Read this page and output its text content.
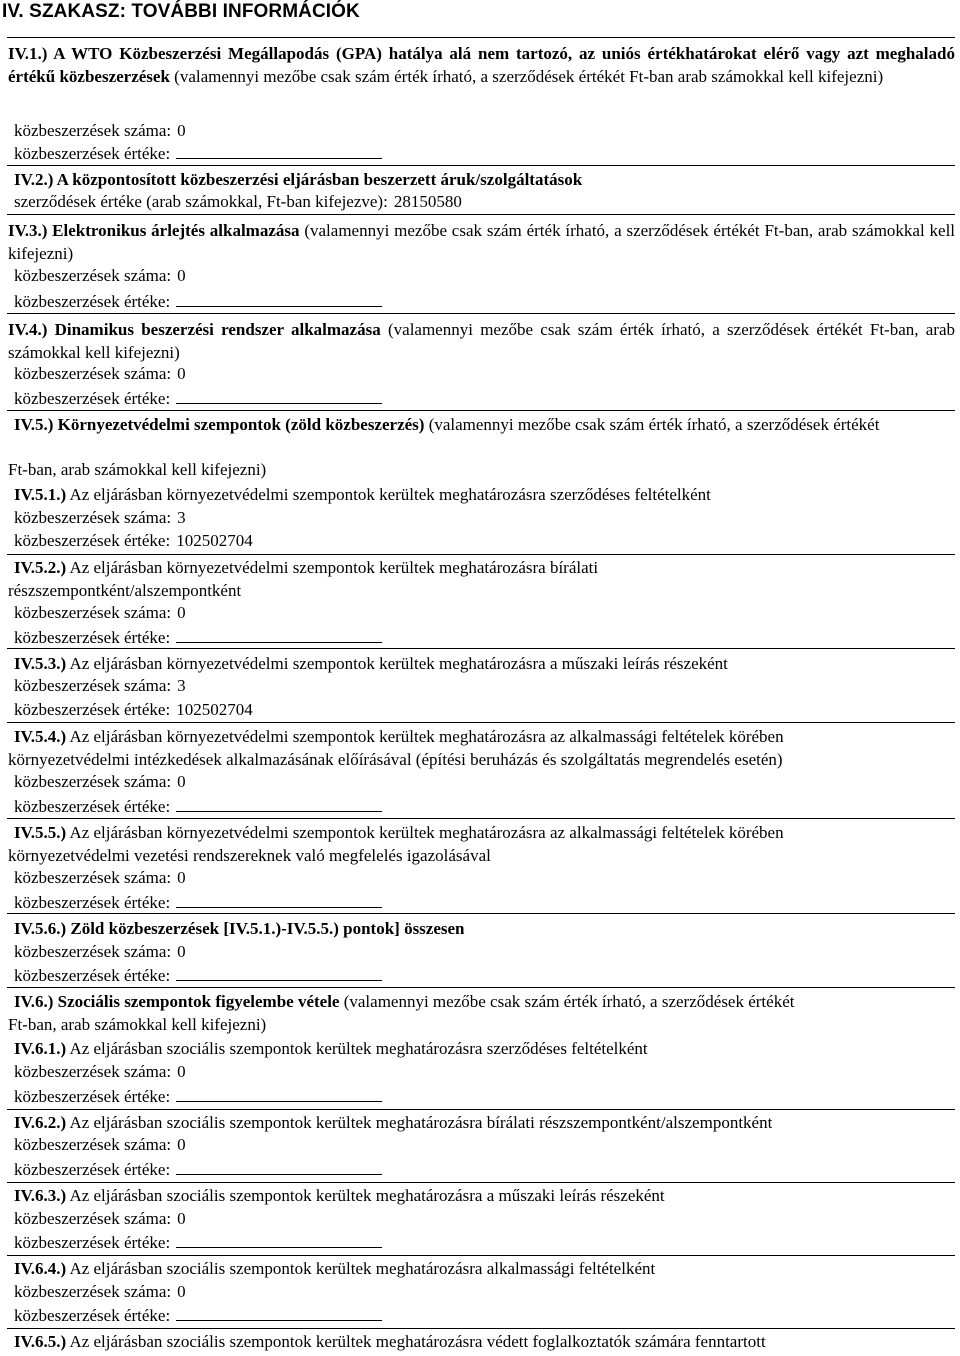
IV. SZAKASZ: TOVÁBBI INFORMÁCIÓK
IV.1.) A WTO Közbeszerzési Megállapodás (GPA) hatálya alá nem tartozó, az uniós értékhatárokat elérő vagy azt meghaladó értékű közbeszerzések (valamennyi mezőbe csak szám érték írható, a szerződések értékét Ft-ban arab számokkal kell kifejezni)
közbeszerzések száma: 0
közbeszerzések értéke:
IV.2.) A központosított közbeszerzési eljárásban beszerzett áruk/szolgáltatások
szerződések értéke (arab számokkal, Ft-ban kifejezve): 28150580
IV.3.) Elektronikus árlejtés alkalmazása (valamennyi mezőbe csak szám érték írható, a szerződések értékét Ft-ban, arab számokkal kell kifejezni)
közbeszerzések száma: 0
közbeszerzések értéke:
IV.4.) Dinamikus beszerzési rendszer alkalmazása (valamennyi mezőbe csak szám érték írható, a szerződések értékét Ft-ban, arab számokkal kell kifejezni)
közbeszerzések száma: 0
közbeszerzések értéke:
IV.5.) Környezetvédelmi szempontok (zöld közbeszerzés) (valamennyi mezőbe csak szám érték írható, a szerződések értékét
Ft-ban, arab számokkal kell kifejezni)
IV.5.1.) Az eljárásban környezetvédelmi szempontok kerültek meghatározásra szerződéses feltételként
közbeszerzések száma: 3
közbeszerzések értéke: 102502704
IV.5.2.) Az eljárásban környezetvédelmi szempontok kerültek meghatározásra bírálati
részszempontként/alszempontként
közbeszerzések száma: 0
közbeszerzések értéke:
IV.5.3.) Az eljárásban környezetvédelmi szempontok kerültek meghatározásra a műszaki leírás részeként
közbeszerzések száma: 3
közbeszerzések értéke: 102502704
IV.5.4.) Az eljárásban környezetvédelmi szempontok kerültek meghatározásra az alkalmassági feltételek körében
környezetvédelmi intézkedések alkalmazásának előírásával (építési beruházás és szolgáltatás megrendelés esetén)
közbeszerzések száma: 0
közbeszerzések értéke:
IV.5.5.) Az eljárásban környezetvédelmi szempontok kerültek meghatározásra az alkalmassági feltételek körében
környezetvédelmi vezetési rendszereknek való megfelelés igazolásával
közbeszerzések száma: 0
közbeszerzések értéke:
IV.5.6.) Zöld közbeszerzések [IV.5.1.)-IV.5.5.) pontok] összesen
közbeszerzések száma: 0
közbeszerzések értéke:
IV.6.) Szociális szempontok figyelembe vétele (valamennyi mezőbe csak szám érték írható, a szerződések értékét
Ft-ban, arab számokkal kell kifejezni)
IV.6.1.) Az eljárásban szociális szempontok kerültek meghatározásra szerződéses feltételként
közbeszerzések száma: 0
közbeszerzések értéke:
IV.6.2.) Az eljárásban szociális szempontok kerültek meghatározásra bírálati részszempontként/alszempontként
közbeszerzések száma: 0
közbeszerzések értéke:
IV.6.3.) Az eljárásban szociális szempontok kerültek meghatározásra a műszaki leírás részeként
közbeszerzések száma: 0
közbeszerzések értéke:
IV.6.4.) Az eljárásban szociális szempontok kerültek meghatározásra alkalmassági feltételként
közbeszerzések száma: 0
közbeszerzések értéke:
IV.6.5.) Az eljárásban szociális szempontok kerültek meghatározásra védett foglalkoztatók számára fenntartott
